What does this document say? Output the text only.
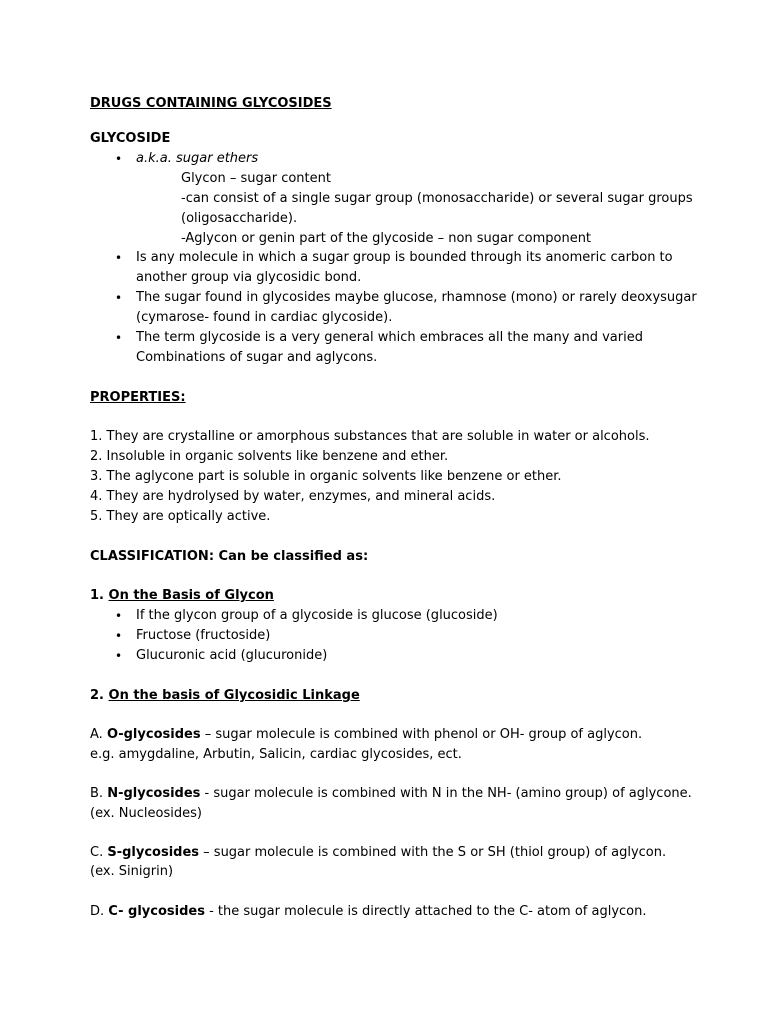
DRUGS CONTAINING GLYCOSIDES
GLYCOSIDE
• a.k.a. sugar ethers
Glycon – sugar content
-can consist of a single sugar group (monosaccharide) or several sugar groups
(oligosaccharide).
-Aglycon or genin part of the glycoside – non sugar component
• Is any molecule in which a sugar group is bounded through its anomeric carbon to
another group via glycosidic bond.
• The sugar found in glycosides maybe glucose, rhamnose (mono) or rarely deoxysugar
(cymarose- found in cardiac glycoside).
• The term glycoside is a very general which embraces all the many and varied
Combinations of sugar and aglycons.
PROPERTIES:
1. They are crystalline or amorphous substances that are soluble in water or alcohols.
2. Insoluble in organic solvents like benzene and ether.
3. The aglycone part is soluble in organic solvents like benzene or ether.
4. They are hydrolysed by water, enzymes, and mineral acids.
5. They are optically active.
CLASSIFICATION: Can be classified as:
1. On the Basis of Glycon
• If the glycon group of a glycoside is glucose (glucoside)
• Fructose (fructoside)
• Glucuronic acid (glucuronide)
2. On the basis of Glycosidic Linkage
A. O-glycosides – sugar molecule is combined with phenol or OH- group of aglycon.
e.g. amygdaline, Arbutin, Salicin, cardiac glycosides, ect.
B. N-glycosides - sugar molecule is combined with N in the NH- (amino group) of aglycone.
(ex. Nucleosides)
C. S-glycosides – sugar molecule is combined with the S or SH (thiol group) of aglycon.
(ex. Sinigrin)
D. C- glycosides - the sugar molecule is directly attached to the C- atom of aglycon.
